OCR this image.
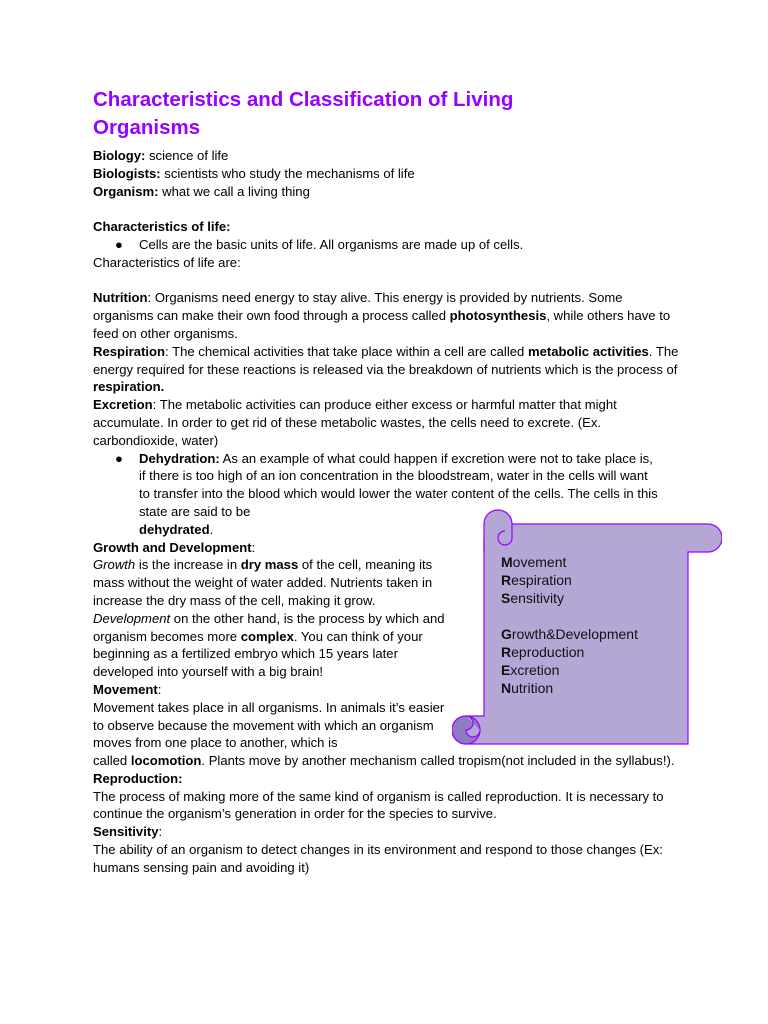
Characteristics and Classification of Living
Organisms
Biology: science of life
Biologists: scientists who study the mechanisms of life
Organism: what we call a living thing
Characteristics of life:
● Cells are the basic units of life. All organisms are made up of cells.
Characteristics of life are:
Nutrition: Organisms need energy to stay alive. This energy is provided by nutrients. Some organisms can make their own food through a process called photosynthesis, while others have to feed on other organisms.
Respiration: The chemical activities that take place within a cell are called metabolic activities. The energy required for these reactions is released via the breakdown of nutrients which is the process of respiration.
Excretion: The metabolic activities can produce either excess or harmful matter that might accumulate. In order to get rid of these metabolic wastes, the cells need to excrete. (Ex. carbondioxide, water)
● Dehydration: As an example of what could happen if excretion were not to take place is, if there is too high of an ion concentration in the bloodstream, water in the cells will want to transfer into the blood which would lower the water content of the cells. The cells in this state are said to be
dehydrated.
Growth and Development:
Growth is the increase in dry mass of the cell, meaning its mass without the weight of water added. Nutrients taken in increase the dry mass of the cell, making it grow.
Development on the other hand, is the process by which and organism becomes more complex. You can think of your beginning as a fertilized embryo which 15 years later developed into yourself with a big brain!
Movement:
Movement takes place in all organisms. In animals it’s easier to observe because the movement with which an organism moves from one place to another, which is
called locomotion. Plants move by another mechanism called tropism(not included in the syllabus!).
Reproduction:
The process of making more of the same kind of organism is called reproduction. It is necessary to continue the organism’s generation in order for the species to survive.
Sensitivity:
The ability of an organism to detect changes in its environment and respond to those changes (Ex: humans sensing pain and avoiding it)
Movement
Respiration
Sensitivity
Growth&Development
Reproduction
Excretion
Nutrition
